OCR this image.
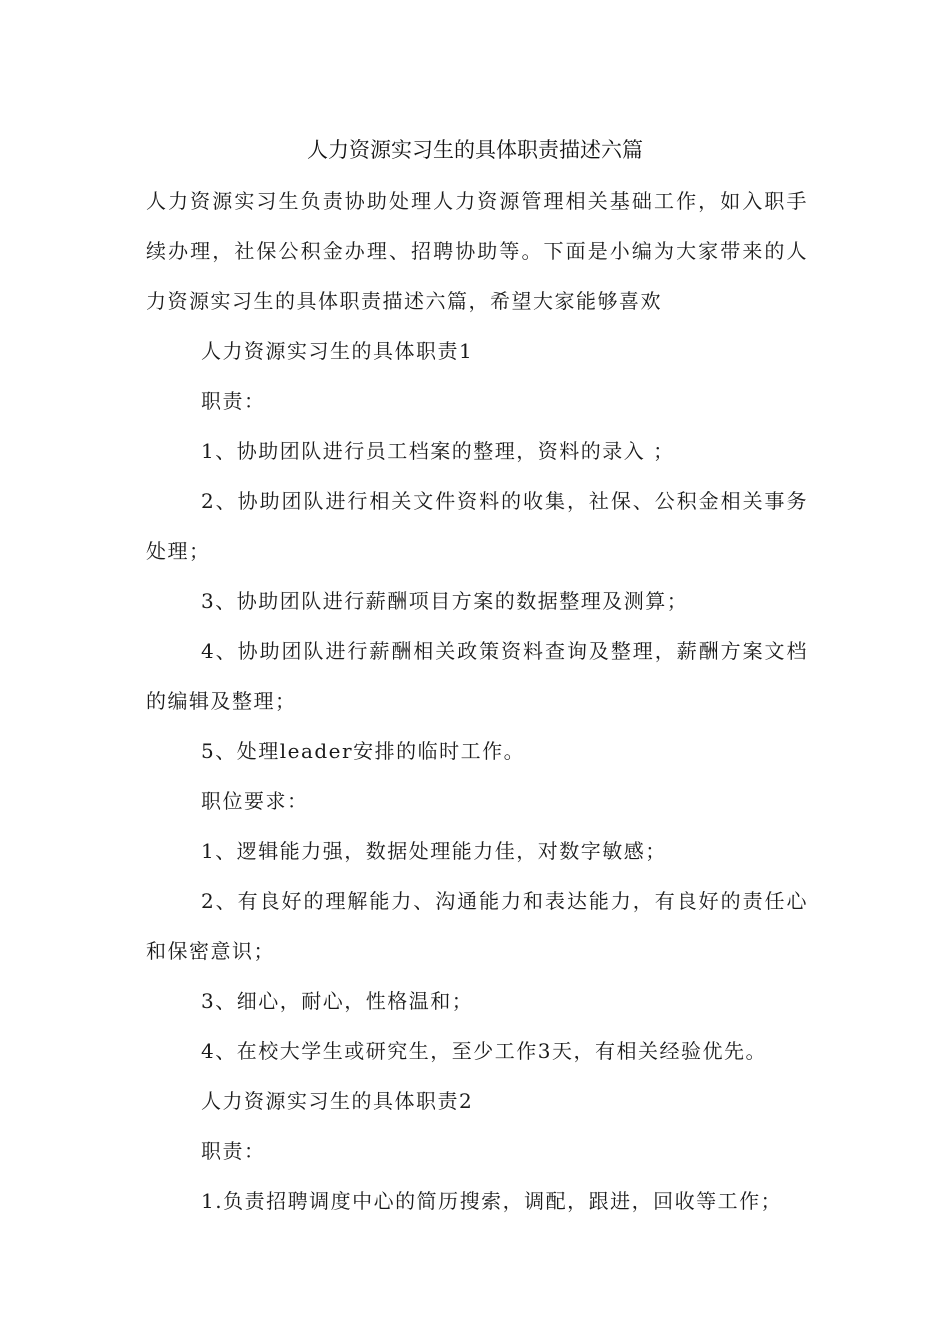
人力资源实习生的具体职责描述六篇

人力资源实习生负责协助处理人力资源管理相关基础工作，如入职手续办理，社保公积金办理、招聘协助等。下面是小编为大家带来的人力资源实习生的具体职责描述六篇，希望大家能够喜欢

人力资源实习生的具体职责1

职责：

1、协助团队进行员工档案的整理，资料的录入 ；

2、协助团队进行相关文件资料的收集，社保、公积金相关事务处理；

3、协助团队进行薪酬项目方案的数据整理及测算；

4、协助团队进行薪酬相关政策资料查询及整理，薪酬方案文档的编辑及整理；

5、处理leader安排的临时工作。

职位要求：

1、逻辑能力强，数据处理能力佳，对数字敏感；

2、有良好的理解能力、沟通能力和表达能力，有良好的责任心和保密意识；

3、细心，耐心，性格温和；

4、在校大学生或研究生，至少工作3天，有相关经验优先。

人力资源实习生的具体职责2

职责：

1.负责招聘调度中心的简历搜索，调配，跟进，回收等工作；
